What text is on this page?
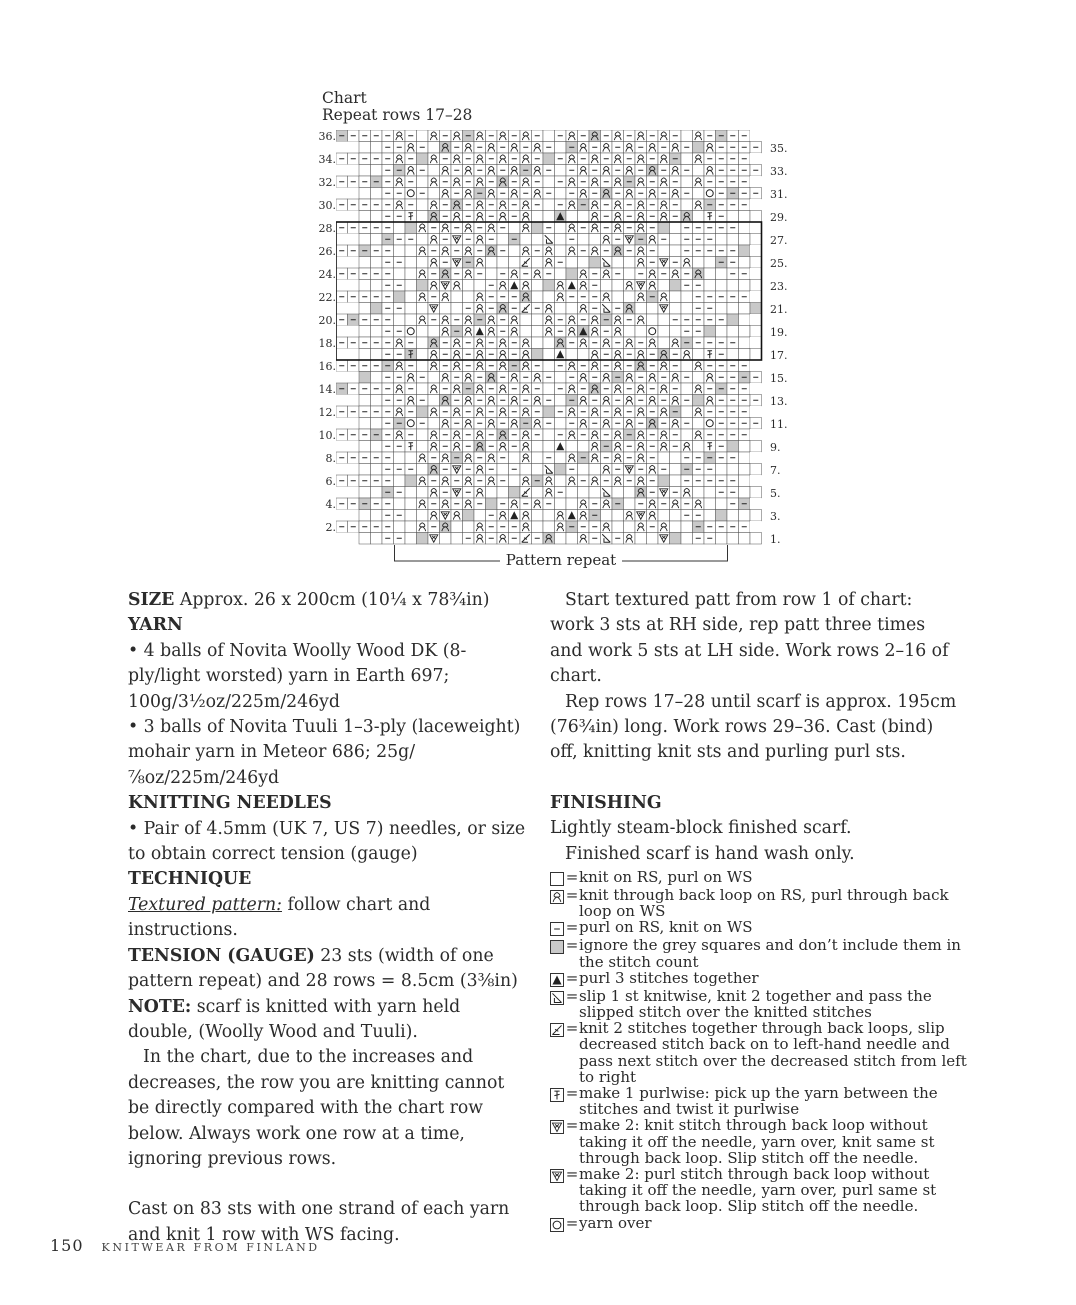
Chart
Repeat rows 17–28
36.
34.
32.
30.
28.
26.
24.
22.
20.
18.
16.
14.
12.
10.
8.
6.
4.
2.
35.
33.
31.
29.
27.
25.
23.
21.
19.
17.
15.
13.
11.
9.
7.
5.
3.
1.
Pattern repeat

SIZE Approx. 26 x 200cm (10¼ x 78¾in)

YARN

• 4 balls of Novita Woolly Wood DK (8-ply/light worsted) yarn in Earth 697; 100g/3½oz/225m/246yd

• 3 balls of Novita Tuuli 1–3-ply (laceweight) mohair yarn in Meteor 686; 25g/⅞oz/225m/246yd

KNITTING NEEDLES

• Pair of 4.5mm (UK 7, US 7) needles, or size to obtain correct tension (gauge)

TECHNIQUE

Textured pattern: follow chart and instructions.

TENSION (GAUGE) 23 sts (width of one pattern repeat) and 28 rows = 8.5cm (3⅜in)

NOTE: scarf is knitted with yarn held double, (Woolly Wood and Tuuli).

In the chart, due to the increases and decreases, the row you are knitting cannot be directly compared with the chart row below. Always work one row at a time, ignoring previous rows.

Cast on 83 sts with one strand of each yarn and knit 1 row with WS facing.

Start textured patt from row 1 of chart: work 3 sts at RH side, rep patt three times and work 5 sts at LH side. Work rows 2–16 of chart.

Rep rows 17–28 until scarf is approx. 195cm (76¾in) long. Work rows 29–36. Cast (bind) off, knitting knit sts and purling purl sts.

FINISHING

Lightly steam-block finished scarf.

Finished scarf is hand wash only.

= knit on RS, purl on WS
= knit through back loop on RS, purl through back loop on WS
= purl on RS, knit on WS
= ignore the grey squares and don’t include them in the stitch count
= purl 3 stitches together
= slip 1 st knitwise, knit 2 together and pass the slipped stitch over the knitted stitches
= knit 2 stitches together through back loops, slip decreased stitch back on to left-hand needle and pass next stitch over the decreased stitch from left to right
= make 1 purlwise: pick up the yarn between the stitches and twist it purlwise
= make 2: knit stitch through back loop without taking it off the needle, yarn over, knit same st through back loop. Slip stitch off the needle.
= make 2: purl stitch through back loop without taking it off the needle, yarn over, purl same st through back loop. Slip stitch off the needle.
= yarn over
150 KNITWEAR FROM FINLAND
